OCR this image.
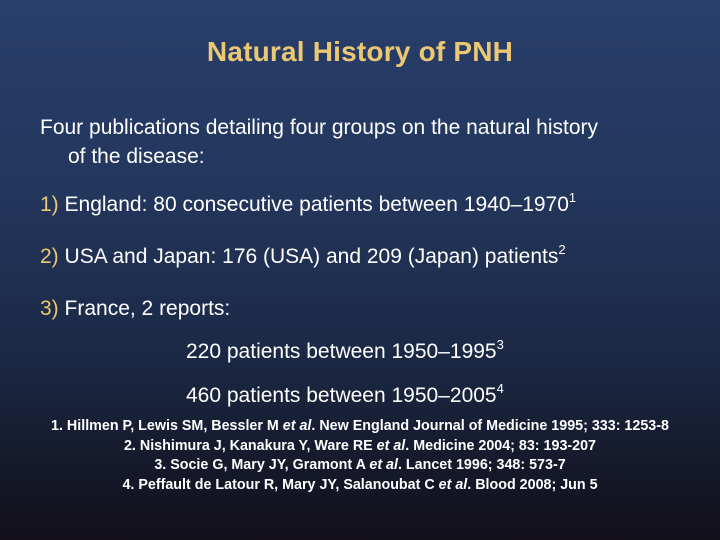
Natural History of PNH
Four publications detailing four groups on the natural history
of the disease:
1) England: 80 consecutive patients between 1940–1970$^1$
2) USA and Japan: 176 (USA) and 209 (Japan) patients$^2$
3) France, 2 reports:
220 patients between 1950–1995$^3$
460 patients between 1950–2005$^4$
1. Hillmen P, Lewis SM, Bessler M et al. New England Journal of Medicine 1995; 333: 1253-8
2. Nishimura J, Kanakura Y, Ware RE et al. Medicine 2004; 83: 193-207
3. Socie G, Mary JY, Gramont A et al. Lancet 1996; 348: 573-7
4. Peffault de Latour R, Mary JY, Salanoubat C et al. Blood 2008; Jun 5
